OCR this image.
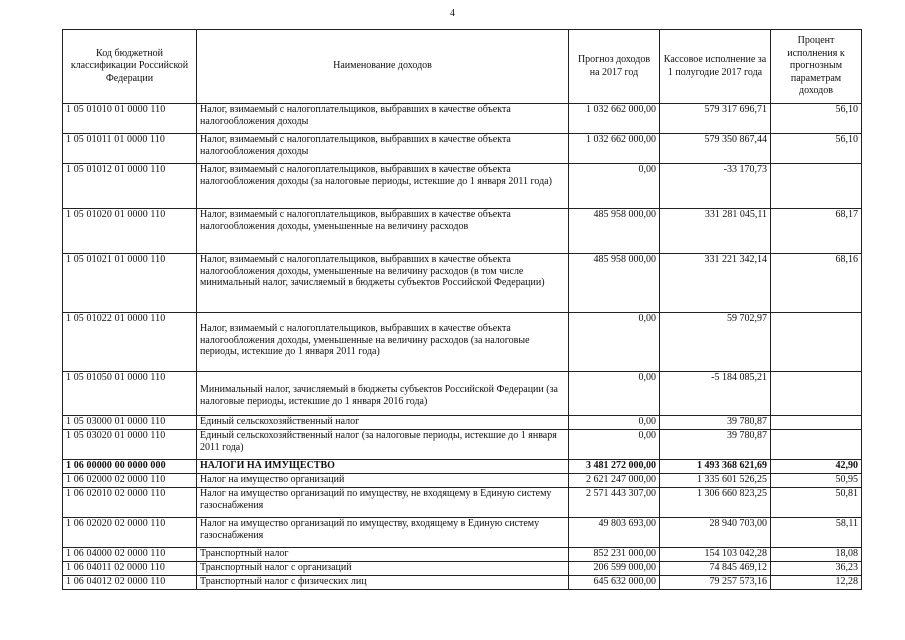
4
Код бюджетной классификации Российской Федерации	Наименование доходов	Прогноз доходов на 2017 год	Кассовое исполнение за 1 полугодие 2017 года	Процент исполнения к прогнозным параметрам доходов
1 05 01010 01 0000 110	Налог, взимаемый с налогоплательщиков, выбравших в качестве объекта налогообложения доходы	1 032 662 000,00	579 317 696,71	56,10
1 05 01011 01 0000 110	Налог, взимаемый с налогоплательщиков, выбравших в качестве объекта налогообложения доходы	1 032 662 000,00	579 350 867,44	56,10
1 05 01012 01 0000 110	Налог, взимаемый с налогоплательщиков, выбравших в качестве объекта налогообложения доходы (за налоговые периоды, истекшие до 1 января 2011 года)	0,00	-33 170,73	
1 05 01020 01 0000 110	Налог, взимаемый с налогоплательщиков, выбравших в качестве объекта налогообложения доходы, уменьшенные на величину расходов	485 958 000,00	331 281 045,11	68,17
1 05 01021 01 0000 110	Налог, взимаемый с налогоплательщиков, выбравших в качестве объекта налогообложения доходы, уменьшенные на величину расходов (в том числе минимальный налог, зачисляемый в бюджеты субъектов Российской Федерации)	485 958 000,00	331 221 342,14	68,16
1 05 01022 01 0000 110	Налог, взимаемый с налогоплательщиков, выбравших в качестве объекта налогообложения доходы, уменьшенные на величину расходов (за налоговые периоды, истекшие до 1 января 2011 года)	0,00	59 702,97	
1 05 01050 01 0000 110	Минимальный налог, зачисляемый в бюджеты субъектов Российской Федерации (за налоговые периоды, истекшие до 1 января 2016 года)	0,00	-5 184 085,21	
1 05 03000 01 0000 110	Единый сельскохозяйственный налог	0,00	39 780,87	
1 05 03020 01 0000 110	Единый сельскохозяйственный налог (за налоговые периоды, истекшие до 1 января 2011 года)	0,00	39 780,87	
1 06 00000 00 0000 000	НАЛОГИ НА ИМУЩЕСТВО	3 481 272 000,00	1 493 368 621,69	42,90
1 06 02000 02 0000 110	Налог на имущество организаций	2 621 247 000,00	1 335 601 526,25	50,95
1 06 02010 02 0000 110	Налог на имущество организаций по имуществу, не входящему в Единую систему газоснабжения	2 571 443 307,00	1 306 660 823,25	50,81
1 06 02020 02 0000 110	Налог на имущество организаций по имуществу, входящему в Единую систему газоснабжения	49 803 693,00	28 940 703,00	58,11
1 06 04000 02 0000 110	Транспортный налог	852 231 000,00	154 103 042,28	18,08
1 06 04011 02 0000 110	Транспортный налог с организаций	206 599 000,00	74 845 469,12	36,23
1 06 04012 02 0000 110	Транспортный налог с физических лиц	645 632 000,00	79 257 573,16	12,28
